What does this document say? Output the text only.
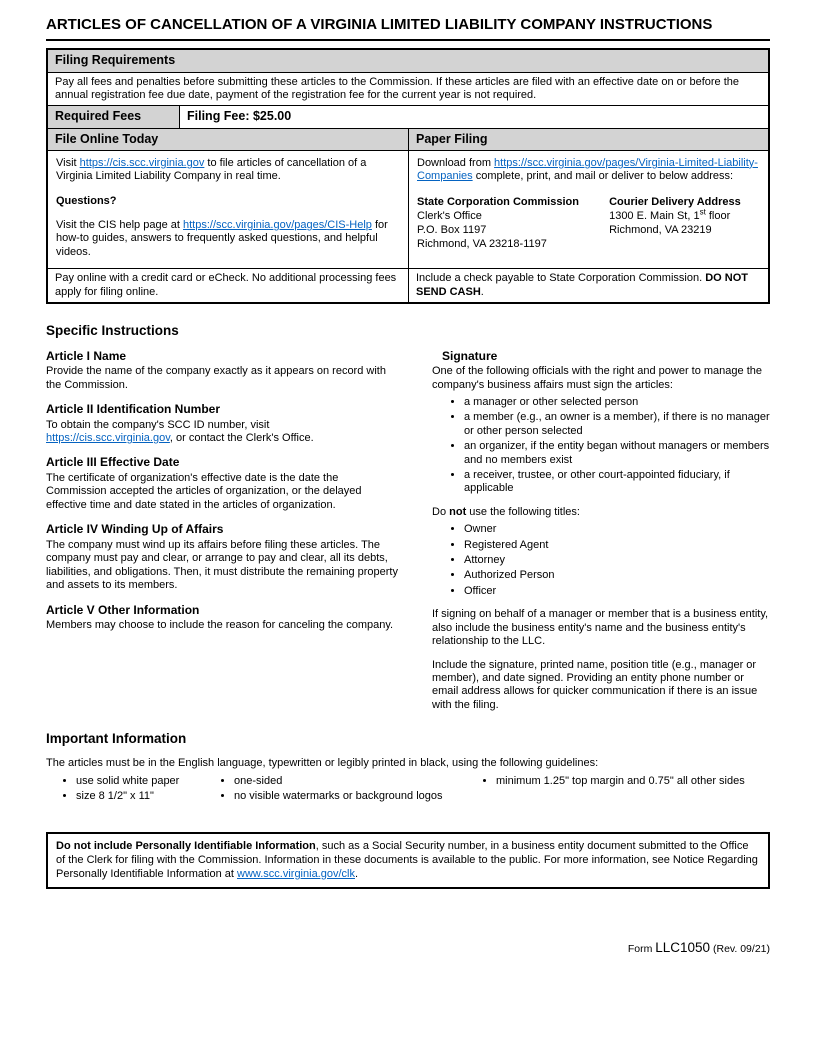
ARTICLES OF CANCELLATION OF A VIRGINIA LIMITED LIABILITY COMPANY INSTRUCTIONS
Filing Requirements
Pay all fees and penalties before submitting these articles to the Commission. If these articles are filed with an effective date on or before the annual registration fee due date, payment of the registration fee for the current year is not required.
Required Fees	Filing Fee: $25.00
File Online Today	Paper Filing

Visit https://cis.scc.virginia.gov to file articles of cancellation of a Virginia Limited Liability Company in real time.

Questions?

Visit the CIS help page at https://scc.virginia.gov/pages/CIS-Help for how-to guides, answers to frequently asked questions, and helpful videos.

Download from https://scc.virginia.gov/pages/Virginia-Limited-Liability-Companies complete, print, and mail or deliver to below address:

State Corporation Commission
Clerk's Office
P.O. Box 1197
Richmond, VA 23218-1197
Courier Delivery Address
1300 E. Main St, 1st floor
Richmond, VA 23219
Pay online with a credit card or eCheck. No additional processing fees apply for filing online.
Include a check payable to State Corporation Commission. DO NOT SEND CASH.
Specific Instructions
Article I Name
Provide the name of the company exactly as it appears on record with the Commission.
Article II Identification Number
To obtain the company's SCC ID number, visit https://cis.scc.virginia.gov, or contact the Clerk's Office.
Article III Effective Date
The certificate of organization's effective date is the date the Commission accepted the articles of organization, or the delayed effective time and date stated in the articles of organization.
Article IV Winding Up of Affairs
The company must wind up its affairs before filing these articles. The company must pay and clear, or arrange to pay and clear, all its debts, liabilities, and obligations. Then, it must distribute the remaining property and assets to its members.
Article V Other Information
Members may choose to include the reason for canceling the company.
Signature
One of the following officials with the right and power to manage the company's business affairs must sign the articles:
• a manager or other selected person
• a member (e.g., an owner is a member), if there is no manager or other person selected
• an organizer, if the entity began without managers or members and no members exist
• a receiver, trustee, or other court-appointed fiduciary, if applicable
Do not use the following titles:
• Owner
• Registered Agent
• Attorney
• Authorized Person
• Officer
If signing on behalf of a manager or member that is a business entity, also include the business entity's name and the business entity's relationship to the LLC.
Include the signature, printed name, position title (e.g., manager or member), and date signed. Providing an entity phone number or email address allows for quicker communication if there is an issue with the filing.
Important Information
The articles must be in the English language, typewritten or legibly printed in black, using the following guidelines:
• use solid white paper
• size 8 1/2" x 11"
• one-sided
• no visible watermarks or background logos
• minimum 1.25" top margin and 0.75" all other sides
Do not include Personally Identifiable Information, such as a Social Security number, in a business entity document submitted to the Office of the Clerk for filing with the Commission. Information in these documents is available to the public. For more information, see Notice Regarding Personally Identifiable Information at www.scc.virginia.gov/clk.
Form LLC1050 (Rev. 09/21)
